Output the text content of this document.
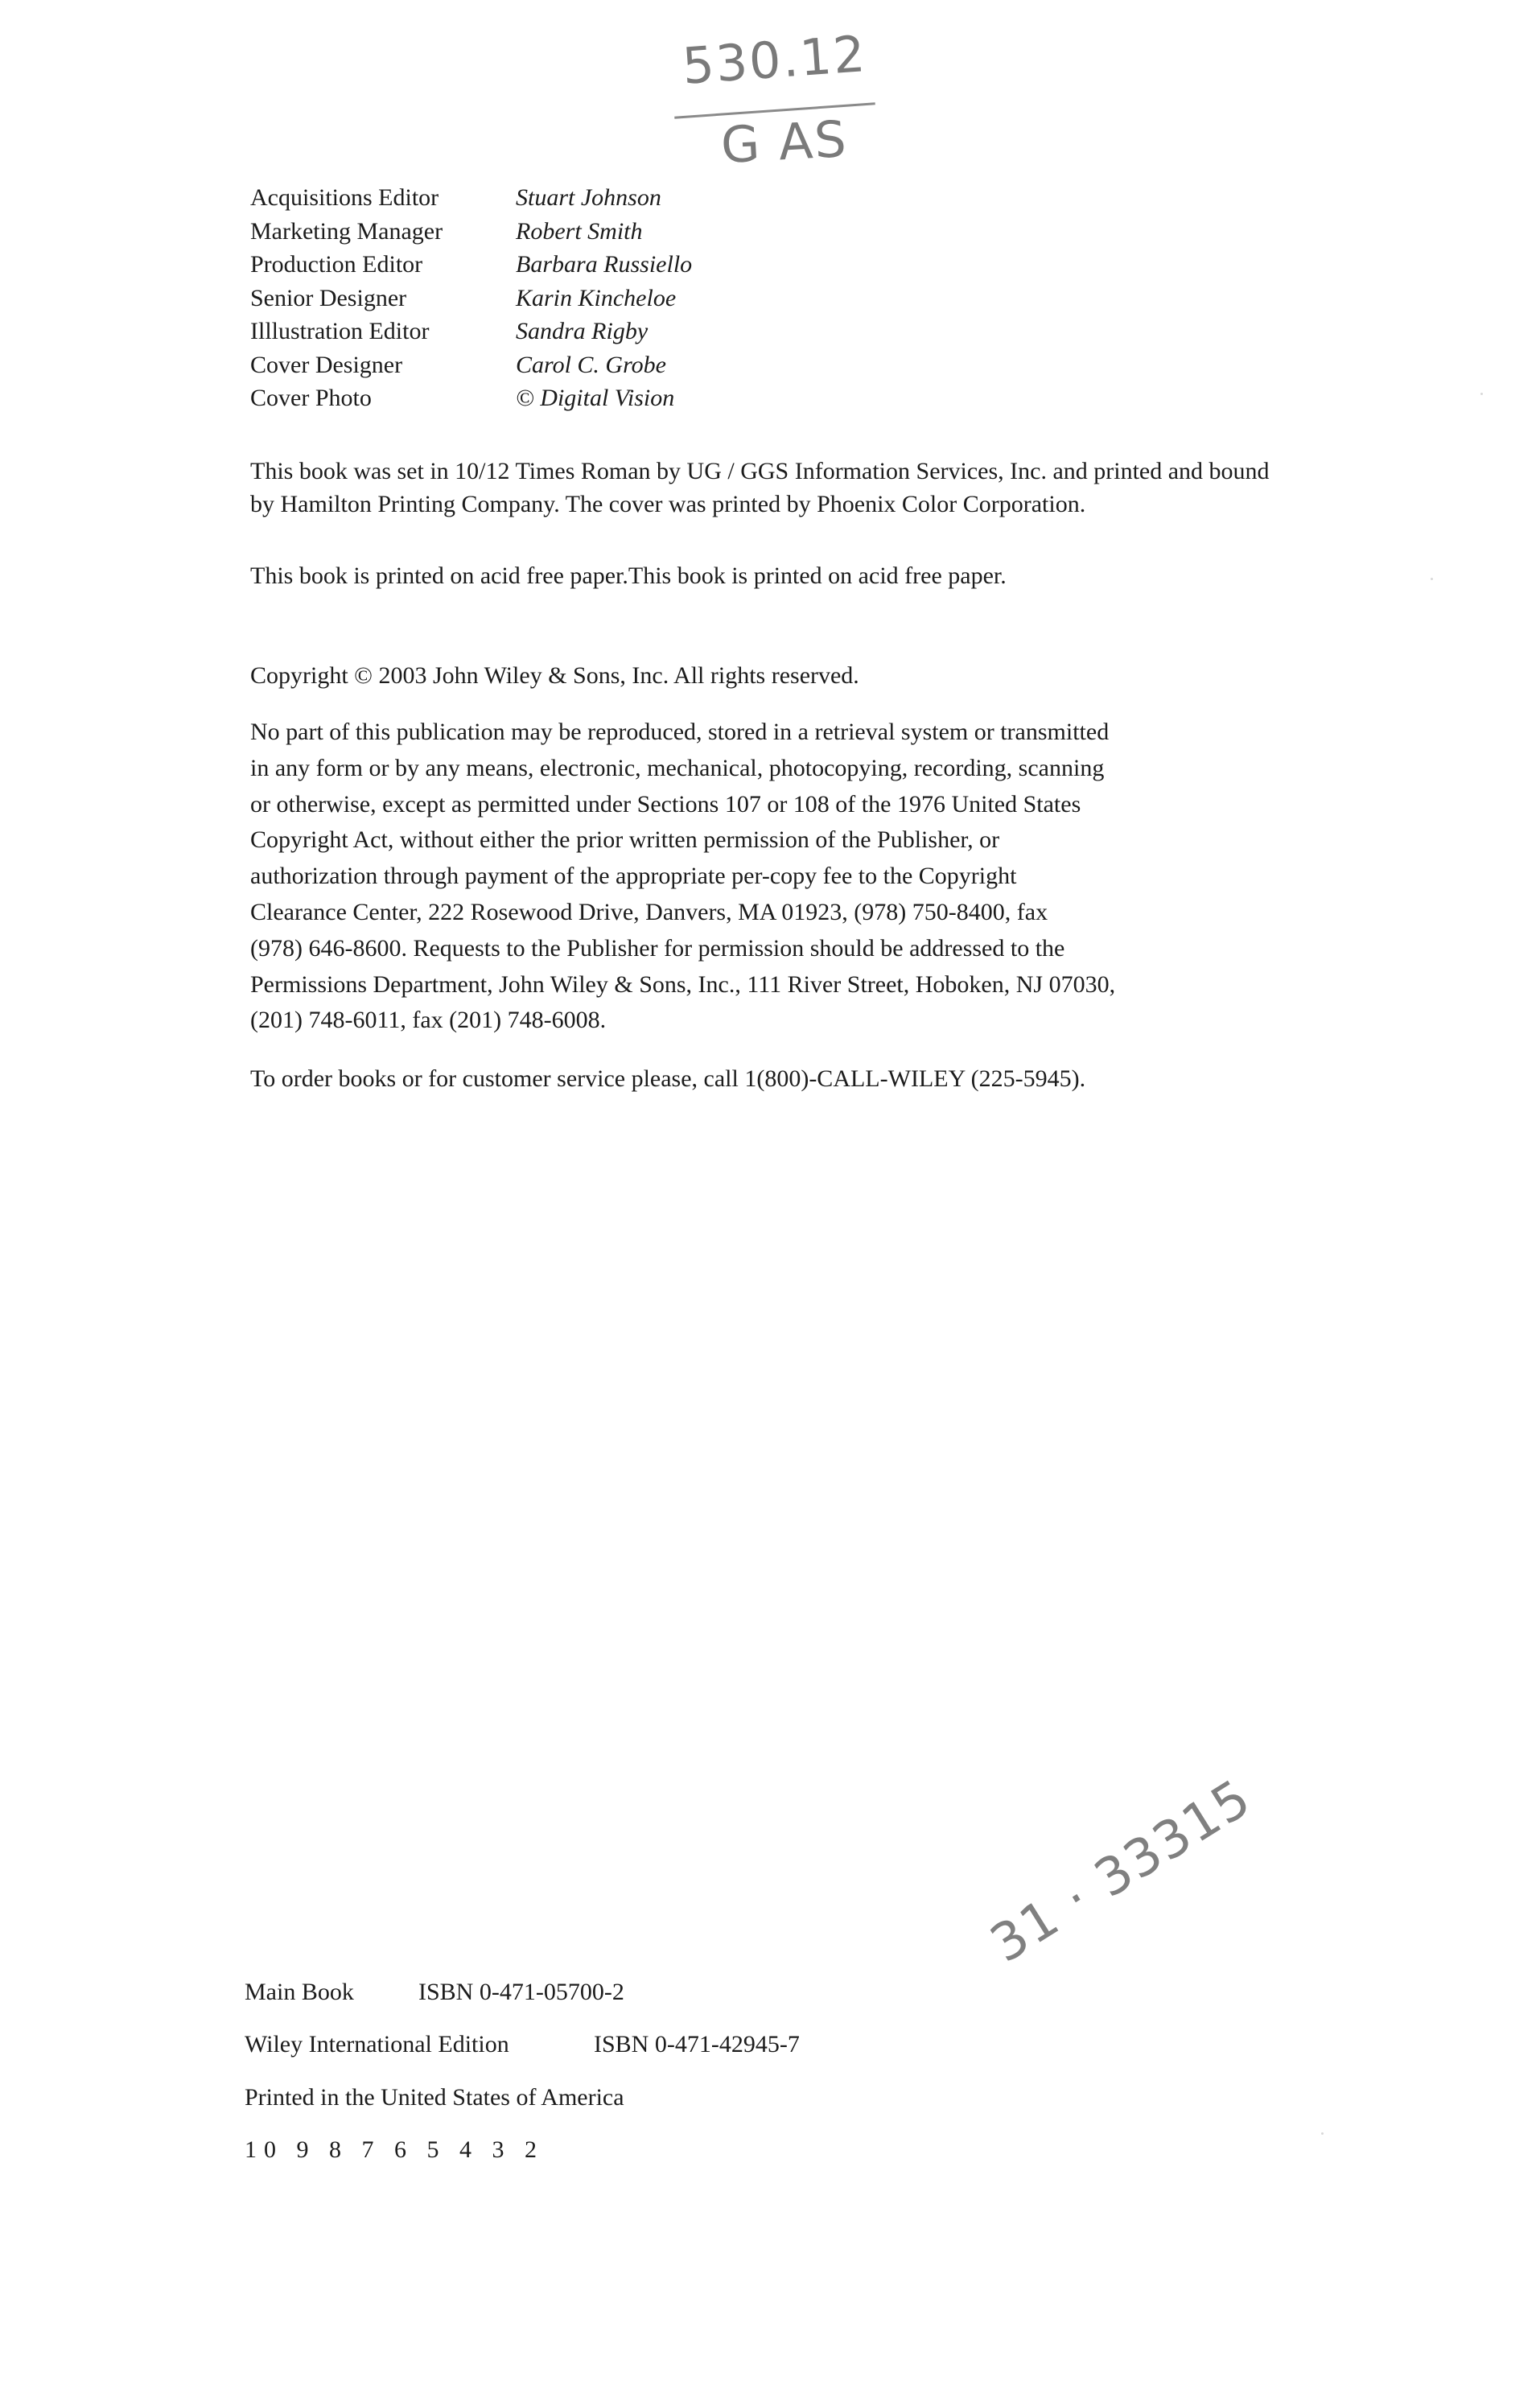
530.12
G AS
Acquisitions Editor	Stuart Johnson
Marketing Manager	Robert Smith
Production Editor	Barbara Russiello
Senior Designer	Karin Kincheloe
Illlustration Editor	Sandra Rigby
Cover Designer	Carol C. Grobe
Cover Photo	© Digital Vision
This book was set in 10/12 Times Roman by UG / GGS Information Services, Inc. and printed and bound
by Hamilton Printing Company. The cover was printed by Phoenix Color Corporation.
This book is printed on acid free paper.This book is printed on acid free paper.
Copyright © 2003 John Wiley & Sons, Inc. All rights reserved.
No part of this publication may be reproduced, stored in a retrieval system or transmitted
in any form or by any means, electronic, mechanical, photocopying, recording, scanning
or otherwise, except as permitted under Sections 107 or 108 of the 1976 United States
Copyright Act, without either the prior written permission of the Publisher, or
authorization through payment of the appropriate per-copy fee to the Copyright
Clearance Center, 222 Rosewood Drive, Danvers, MA 01923, (978) 750-8400, fax
(978) 646-8600. Requests to the Publisher for permission should be addressed to the
Permissions Department, John Wiley & Sons, Inc., 111 River Street, Hoboken, NJ 07030,
(201) 748-6011, fax (201) 748-6008.
To order books or for customer service please, call 1(800)-CALL-WILEY (225-5945).
Main Book	ISBN 0-471-05700-2
Wiley International Edition	ISBN 0-471-42945-7
Printed in the United States of America
10 9 8 7 6 5 4 3 2
31 · 33315
